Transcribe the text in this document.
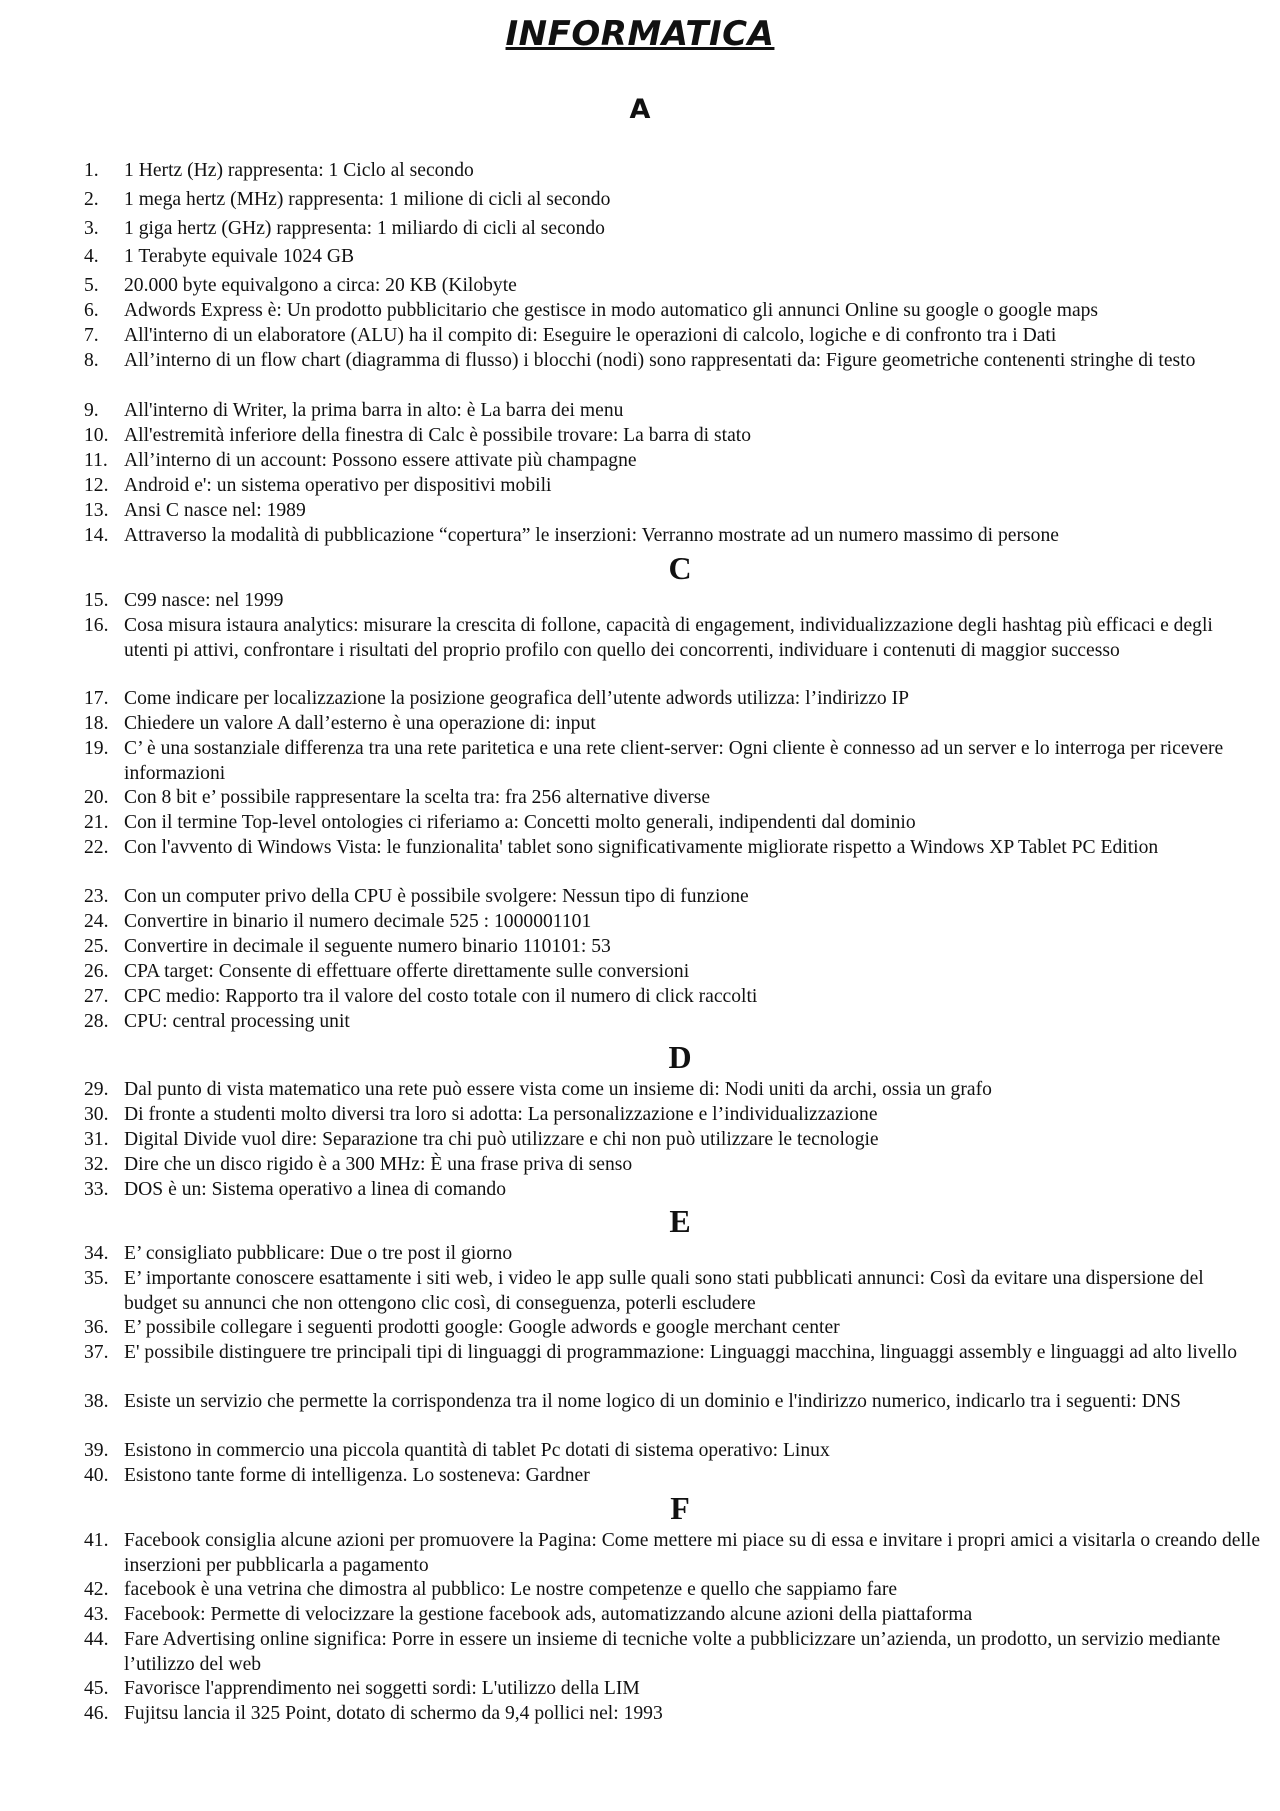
INFORMATICA
A
1.	1 Hertz (Hz) rappresenta: 1 Ciclo al secondo
2.	1 mega hertz (MHz) rappresenta: 1 milione di cicli al secondo
3.	1 giga hertz (GHz) rappresenta: 1 miliardo di cicli al secondo
4.	1 Terabyte equivale 1024 GB
5.	20.000 byte equivalgono a circa: 20 KB (Kilobyte
6.	Adwords Express è: Un prodotto pubblicitario che gestisce in modo automatico gli annunci Online su google o google maps
7.	All'interno di un elaboratore (ALU) ha il compito di: Eseguire le operazioni di calcolo, logiche e di confronto tra i Dati
8.	All’interno di un flow chart (diagramma di flusso) i blocchi (nodi) sono rappresentati da: Figure geometriche contenenti stringhe di testo
9.	All'interno di Writer, la prima barra in alto: è La barra dei menu
10. All'estremità inferiore della finestra di Calc è possibile trovare: La barra di stato
11. All’interno di un account: Possono essere attivate più champagne
12. Android e': un sistema operativo per dispositivi mobili
13. Ansi C nasce nel: 1989
14. Attraverso la modalità di pubblicazione “copertura” le inserzioni: Verranno mostrate ad un numero massimo di persone
C
15. C99 nasce: nel 1999
16. Cosa misura istaura analytics: misurare la crescita di follone, capacità di engagement, individualizzazione degli hashtag più efficaci e degli utenti pi attivi, confrontare i risultati del proprio profilo con quello dei concorrenti, individuare i contenuti di maggior successo
17. Come indicare per localizzazione la posizione geografica dell’utente adwords utilizza: l’indirizzo IP
18. Chiedere un valore A dall’esterno è una operazione di: input
19. C’ è una sostanziale differenza tra una rete paritetica e una rete client-server: Ogni cliente è connesso ad un server e lo interroga per ricevere informazioni
20. Con 8 bit e’ possibile rappresentare la scelta tra: fra 256 alternative diverse
21. Con il termine Top-level ontologies ci riferiamo a: Concetti molto generali, indipendenti dal dominio
22. Con l'avvento di Windows Vista: le funzionalita' tablet sono significativamente migliorate rispetto a Windows XP Tablet PC Edition
23. Con un computer privo della CPU è possibile svolgere: Nessun tipo di funzione
24. Convertire in binario il numero decimale 525 : 1000001101
25. Convertire in decimale il seguente numero binario 110101: 53
26. CPA target: Consente di effettuare offerte direttamente sulle conversioni
27. CPC medio: Rapporto tra il valore del costo totale con il numero di click raccolti
28. CPU: central processing unit
D
29. Dal punto di vista matematico una rete può essere vista come un insieme di: Nodi uniti da archi, ossia un grafo
30. Di fronte a studenti molto diversi tra loro si adotta: La personalizzazione e l’individualizzazione
31. Digital Divide vuol dire: Separazione tra chi può utilizzare e chi non può utilizzare le tecnologie
32. Dire che un disco rigido è a 300 MHz: È una frase priva di senso
33. DOS è un: Sistema operativo a linea di comando
E
34. E’ consigliato pubblicare: Due o tre post il giorno
35. E’ importante conoscere esattamente i siti web, i video le app sulle quali sono stati pubblicati annunci: Così da evitare una dispersione del budget su annunci che non ottengono clic così, di conseguenza, poterli escludere
36. E’ possibile collegare i seguenti prodotti google: Google adwords e google merchant center
37. E' possibile distinguere tre principali tipi di linguaggi di programmazione: Linguaggi macchina, linguaggi assembly e linguaggi ad alto livello
38. Esiste un servizio che permette la corrispondenza tra il nome logico di un dominio e l'indirizzo numerico, indicarlo tra i seguenti: DNS
39. Esistono in commercio una piccola quantità di tablet Pc dotati di sistema operativo: Linux
40. Esistono tante forme di intelligenza. Lo sosteneva: Gardner
F
41. Facebook consiglia alcune azioni per promuovere la Pagina: Come mettere mi piace su di essa e invitare i propri amici a visitarla o creando delle inserzioni per pubblicarla a pagamento
42. facebook è una vetrina che dimostra al pubblico: Le nostre competenze e quello che sappiamo fare
43. Facebook: Permette di velocizzare la gestione facebook ads, automatizzando alcune azioni della piattaforma
44. Fare Advertising online significa: Porre in essere un insieme di tecniche volte a pubblicizzare un’azienda, un prodotto, un servizio mediante l’utilizzo del web
45. Favorisce l'apprendimento nei soggetti sordi: L'utilizzo della LIM
46. Fujitsu lancia il 325 Point, dotato di schermo da 9,4 pollici nel: 1993
